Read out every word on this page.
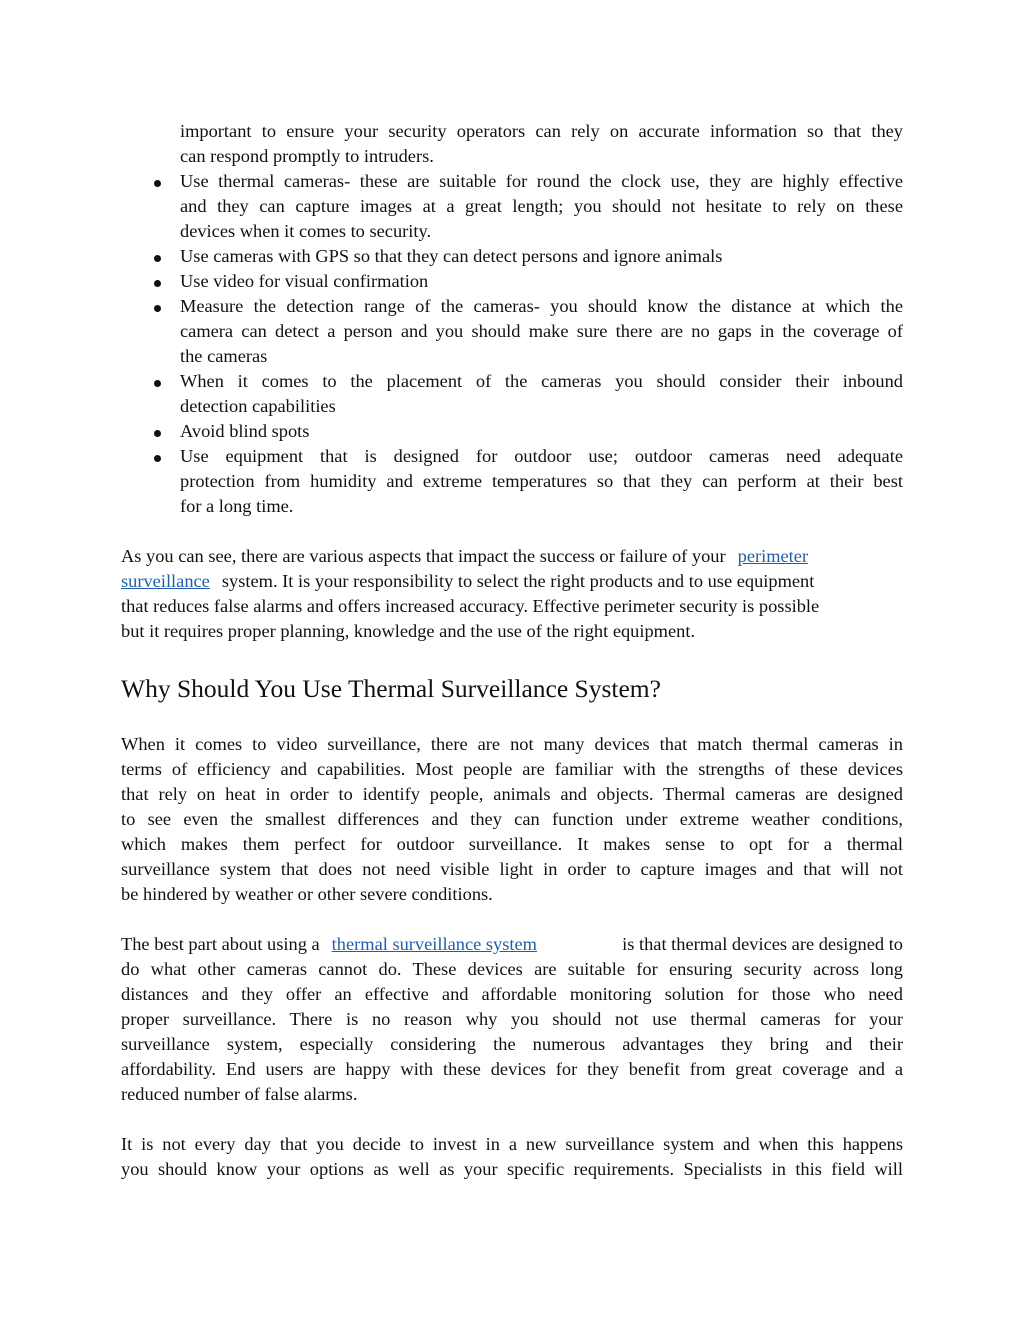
important to ensure your security operators can rely on accurate information so that they
can respond promptly to intruders.
Use thermal cameras- these are suitable for round the clock use, they are highly effective
and they can capture images at a great length; you should not hesitate to rely on these
devices when it comes to security.
Use cameras with GPS so that they can detect persons and ignore animals
Use video for visual confirmation
Measure the detection range of the cameras- you should know the distance at which the
camera can detect a person and you should make sure there are no gaps in the coverage of
the cameras
When it comes to the placement of the cameras you should consider their inbound
detection capabilities
Avoid blind spots
Use equipment that is designed for outdoor use; outdoor cameras need adequate
protection from humidity and extreme temperatures so that they can perform at their best
for a long time.
As you can see, there are various aspects that impact the success or failure of your perimeter
surveillance system. It is your responsibility to select the right products and to use equipment
that reduces false alarms and offers increased accuracy. Effective perimeter security is possible
but it requires proper planning, knowledge and the use of the right equipment.
Why Should You Use Thermal Surveillance System?
When it comes to video surveillance, there are not many devices that match thermal cameras in
terms of efficiency and capabilities. Most people are familiar with the strengths of these devices
that rely on heat in order to identify people, animals and objects. Thermal cameras are designed
to see even the smallest differences and they can function under extreme weather conditions,
which makes them perfect for outdoor surveillance. It makes sense to opt for a thermal
surveillance system that does not need visible light in order to capture images and that will not
be hindered by weather or other severe conditions.
The best part about using a thermal surveillance system	is that thermal devices are designed to
do what other cameras cannot do. These devices are suitable for ensuring security across long
distances and they offer an effective and affordable monitoring solution for those who need
proper surveillance. There is no reason why you should not use thermal cameras for your
surveillance system, especially considering the numerous advantages they bring and their
affordability. End users are happy with these devices for they benefit from great coverage and a
reduced number of false alarms.
It is not every day that you decide to invest in a new surveillance system and when this happens
you should know your options as well as your specific requirements. Specialists in this field will
